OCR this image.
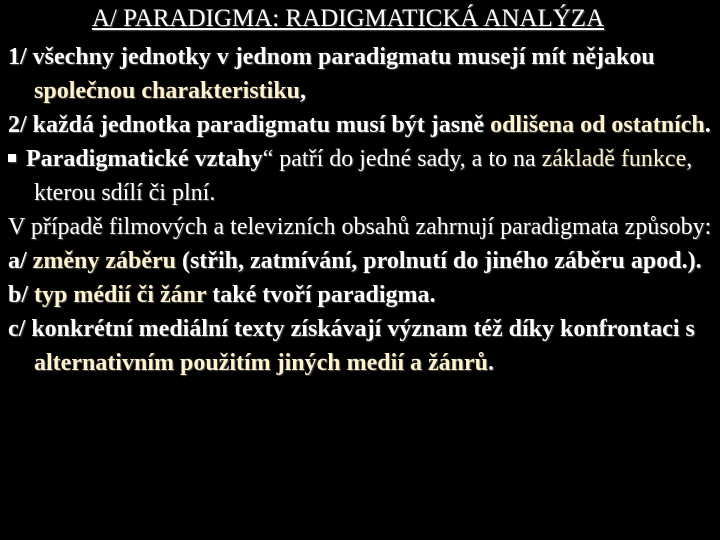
A/ PARADIGMA: RADIGMATICKÁ ANALÝZA

1/ všechny jednotky v jednom paradigmatu musejí mít nějakou společnou charakteristiku,

2/ každá jednotka paradigmatu musí být jasně odlišena od ostatních.

Paradigmatické vztahy“ patří do jedné sady, a to na základě funkce, kterou sdílí či plní.

V případě filmových a televizních obsahů zahrnují paradigmata způsoby:

a/ změny záběru (střih, zatmívání, prolnutí do jiného záběru apod.).

b/ typ médií či žánr také tvoří paradigma.

c/ konkrétní mediální texty získávají význam též díky konfrontaci s alternativním použitím jiných medií a žánrů.
